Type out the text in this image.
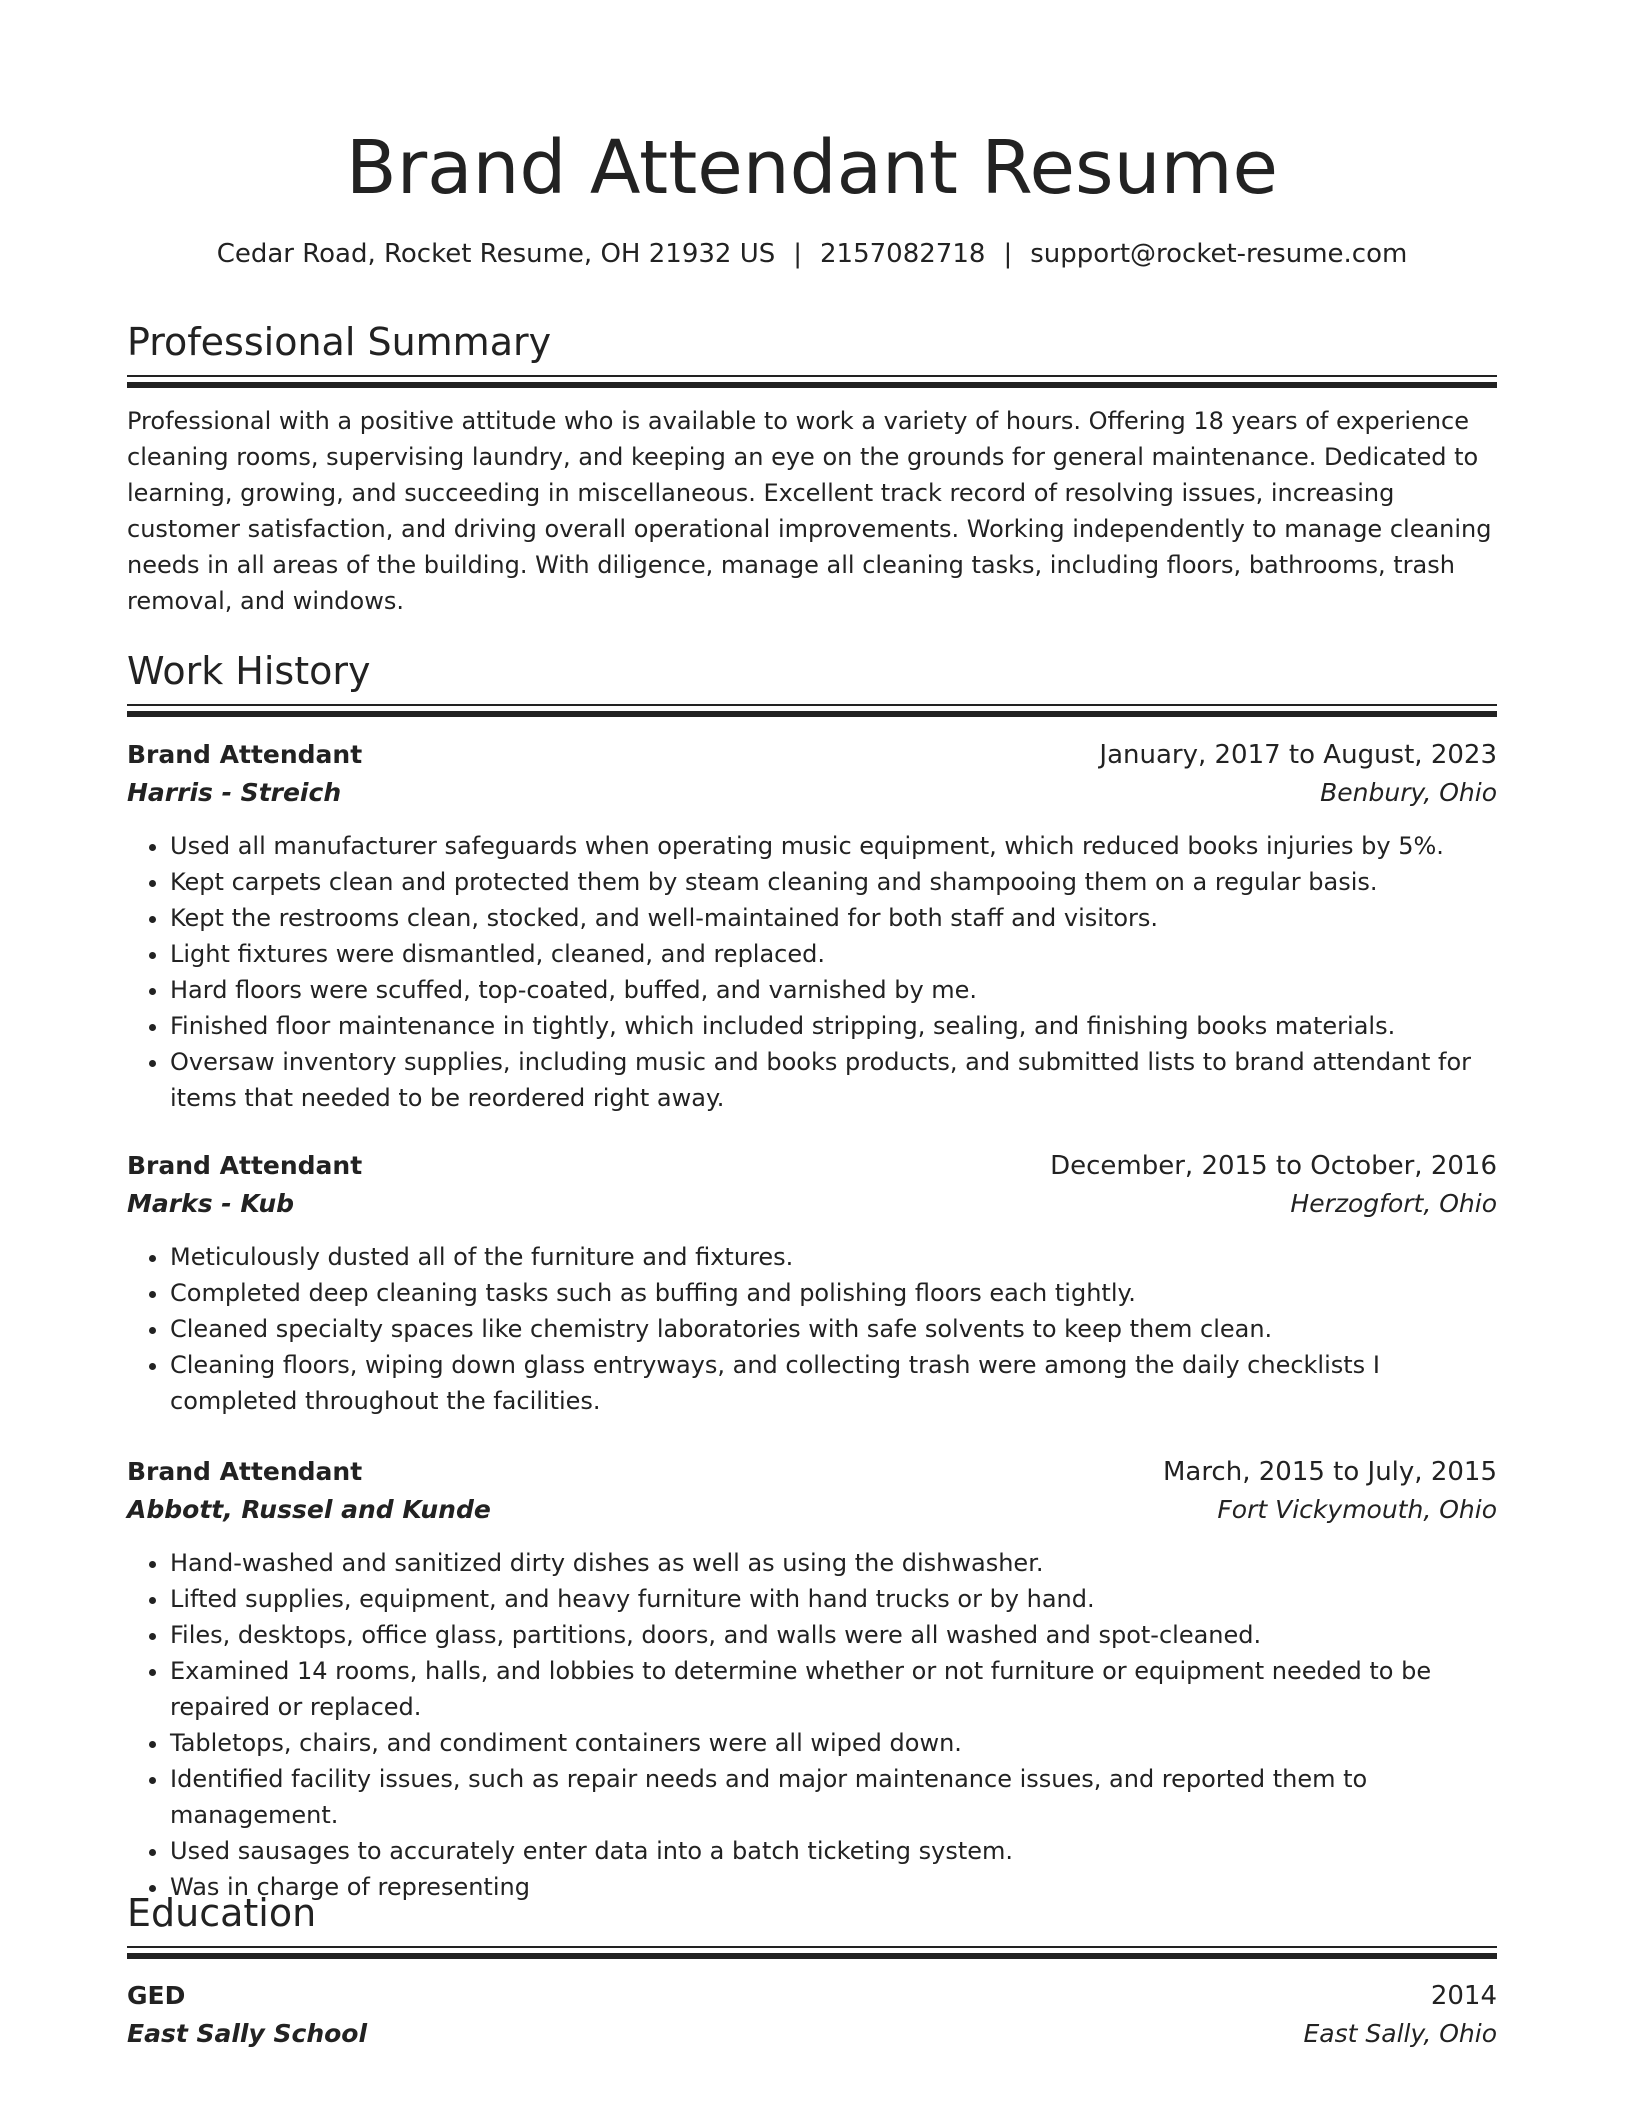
Brand Attendant Resume
Cedar Road, Rocket Resume, OH 21932 US | 2157082718 | support@rocket-resume.com
Professional Summary

Professional with a positive attitude who is available to work a variety of hours. Offering 18 years of experience cleaning rooms, supervising laundry, and keeping an eye on the grounds for general maintenance. Dedicated to learning, growing, and succeeding in miscellaneous. Excellent track record of resolving issues, increasing customer satisfaction, and driving overall operational improvements. Working independently to manage cleaning needs in all areas of the building. With diligence, manage all cleaning tasks, including floors, bathrooms, trash removal, and windows.

Work History
Brand Attendant	January, 2017 to August, 2023
Harris - Streich	Benbury, Ohio
• Used all manufacturer safeguards when operating music equipment, which reduced books injuries by 5%.
• Kept carpets clean and protected them by steam cleaning and shampooing them on a regular basis.
• Kept the restrooms clean, stocked, and well-maintained for both staff and visitors.
• Light fixtures were dismantled, cleaned, and replaced.
• Hard floors were scuffed, top-coated, buffed, and varnished by me.
• Finished floor maintenance in tightly, which included stripping, sealing, and finishing books materials.
• Oversaw inventory supplies, including music and books products, and submitted lists to brand attendant for items that needed to be reordered right away.
Brand Attendant	December, 2015 to October, 2016
Marks - Kub	Herzogfort, Ohio
• Meticulously dusted all of the furniture and fixtures.
• Completed deep cleaning tasks such as buffing and polishing floors each tightly.
• Cleaned specialty spaces like chemistry laboratories with safe solvents to keep them clean.
• Cleaning floors, wiping down glass entryways, and collecting trash were among the daily checklists I completed throughout the facilities.
Brand Attendant	March, 2015 to July, 2015
Abbott, Russel and Kunde	Fort Vickymouth, Ohio
• Hand-washed and sanitized dirty dishes as well as using the dishwasher.
• Lifted supplies, equipment, and heavy furniture with hand trucks or by hand.
• Files, desktops, office glass, partitions, doors, and walls were all washed and spot-cleaned.
• Examined 14 rooms, halls, and lobbies to determine whether or not furniture or equipment needed to be repaired or replaced.
• Tabletops, chairs, and condiment containers were all wiped down.
• Identified facility issues, such as repair needs and major maintenance issues, and reported them to management.
• Used sausages to accurately enter data into a batch ticketing system.
• Was in charge of representing
Education
GED	2014
East Sally School	East Sally, Ohio
